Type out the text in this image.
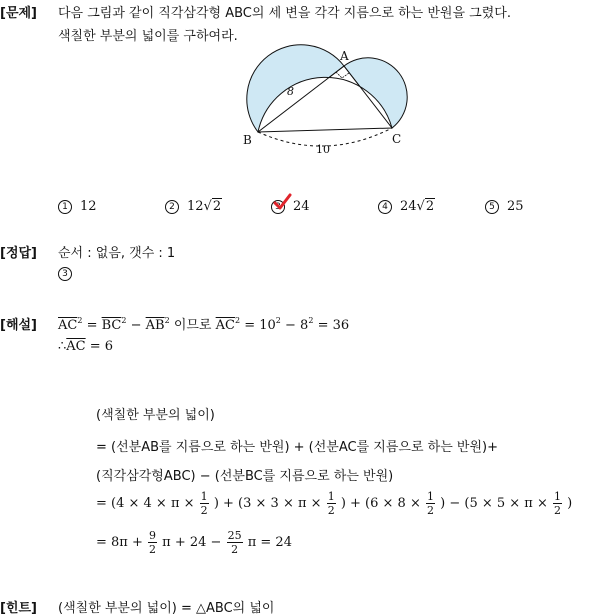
[문제] 다음 그림과 같이 직각삼각형 ABC의 세 변을 각각 지름으로 하는 반원을 그렸다.
색칠한 부분의 넓이를 구하여라.
A
B	C
8
10
1 12	2 12√2	3 24	4 24√2	5 25
[정답] 순서 : 없음, 갯수 : 1
3
[해설] $\overline{AC}^2 = \overline{BC}^2 - \overline{AB}^2$ 이므로 $\overline{AC}^2 = 10^2 - 8^2 = 36$
$\therefore\overline{AC} = 6$
(색칠한 부분의 넓이)
= (선분AB를 지름으로 하는 반원) + (선분AC를 지름으로 하는 반원)+
(직각삼각형ABC) − (선분BC를 지름으로 하는 반원)
= ($4 \times 4 \times \pi \times \frac{1}{2}$ ) + ($3 \times 3 \times \pi \times \frac{1}{2}$ ) + ($6 \times 8 \times \frac{1}{2}$ ) − ($5 \times 5 \times \pi \times \frac{1}{2}$ )
= $8\pi + \frac{9}{2}$ $\pi + 24 - \frac{25}{2}$ π = 24
[힌트] (색칠한 부분의 넓이) = △ABC의 넓이
